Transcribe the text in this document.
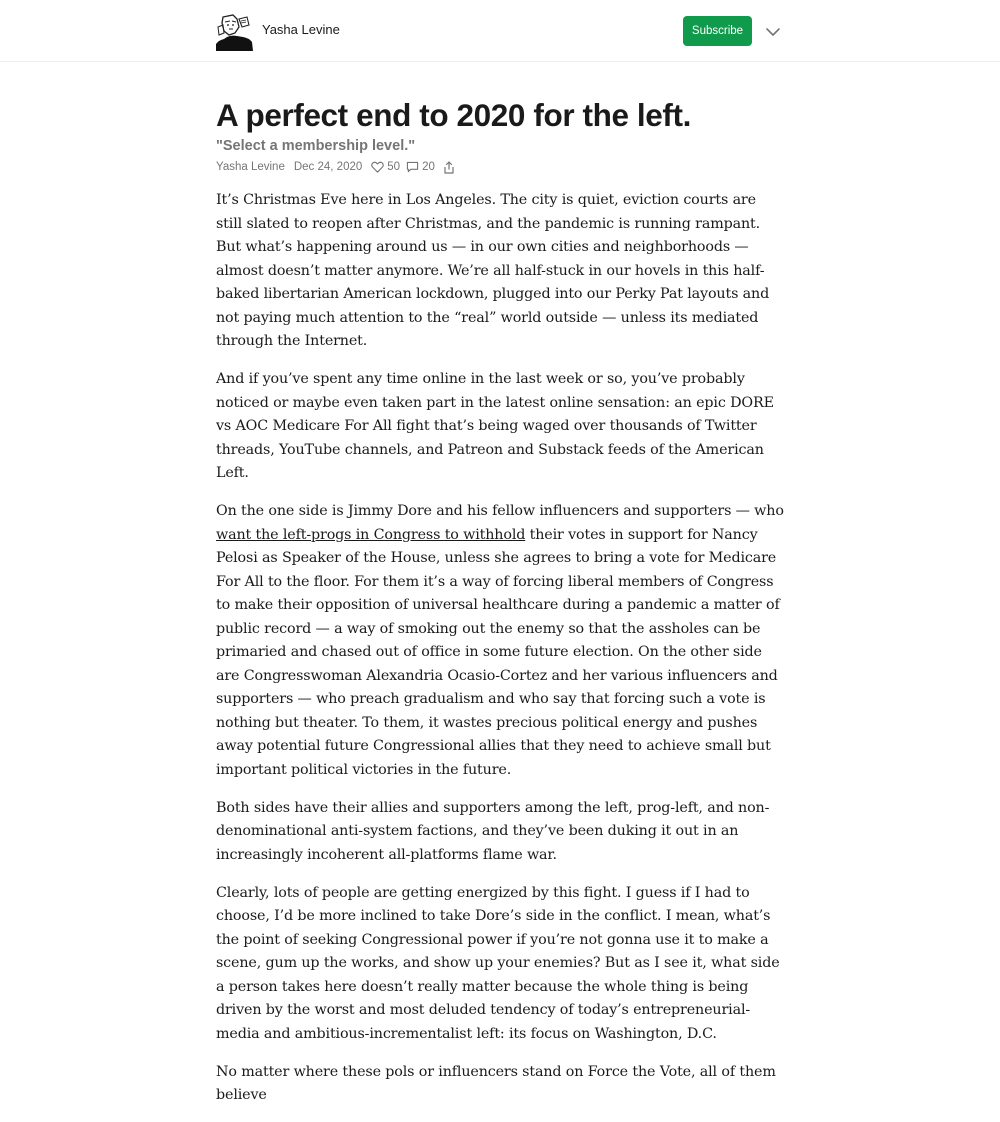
Yasha Levine	Subscribe
A perfect end to 2020 for the left.
"Select a membership level."
Yasha Levine Dec 24, 2020 50 20

It’s Christmas Eve here in Los Angeles. The city is quiet, eviction courts are still slated to reopen after Christmas, and the pandemic is running rampant. But what’s happening around us — in our own cities and neighborhoods — almost doesn’t matter anymore. We’re all half-stuck in our hovels in this half-baked libertarian American lockdown, plugged into our Perky Pat layouts and not paying much attention to the “real” world outside — unless its mediated through the Internet.

And if you’ve spent any time online in the last week or so, you’ve probably noticed or maybe even taken part in the latest online sensation: an epic DORE vs AOC Medicare For All fight that’s being waged over thousands of Twitter threads, YouTube channels, and Patreon and Substack feeds of the American Left.

On the one side is Jimmy Dore and his fellow influencers and supporters — who want the left-progs in Congress to withhold their votes in support for Nancy Pelosi as Speaker of the House, unless she agrees to bring a vote for Medicare For All to the floor. For them it’s a way of forcing liberal members of Congress to make their opposition of universal healthcare during a pandemic a matter of public record — a way of smoking out the enemy so that the assholes can be primaried and chased out of office in some future election. On the other side are Congresswoman Alexandria Ocasio-Cortez and her various influencers and supporters — who preach gradualism and who say that forcing such a vote is nothing but theater. To them, it wastes precious political energy and pushes away potential future Congressional allies that they need to achieve small but important political victories in the future.

Both sides have their allies and supporters among the left, prog-left, and non-denominational anti-system factions, and they’ve been duking it out in an increasingly incoherent all-platforms flame war.

Clearly, lots of people are getting energized by this fight. I guess if I had to choose, I’d be more inclined to take Dore’s side in the conflict. I mean, what’s the point of seeking Congressional power if you’re not gonna use it to make a scene, gum up the works, and show up your enemies? But as I see it, what side a person takes here doesn’t really matter because the whole thing is being driven by the worst and most deluded tendency of today’s entrepreneurial-media and ambitious-incrementalist left: its focus on Washington, D.C.

No matter where these pols or influencers stand on Force the Vote, all of them believe
